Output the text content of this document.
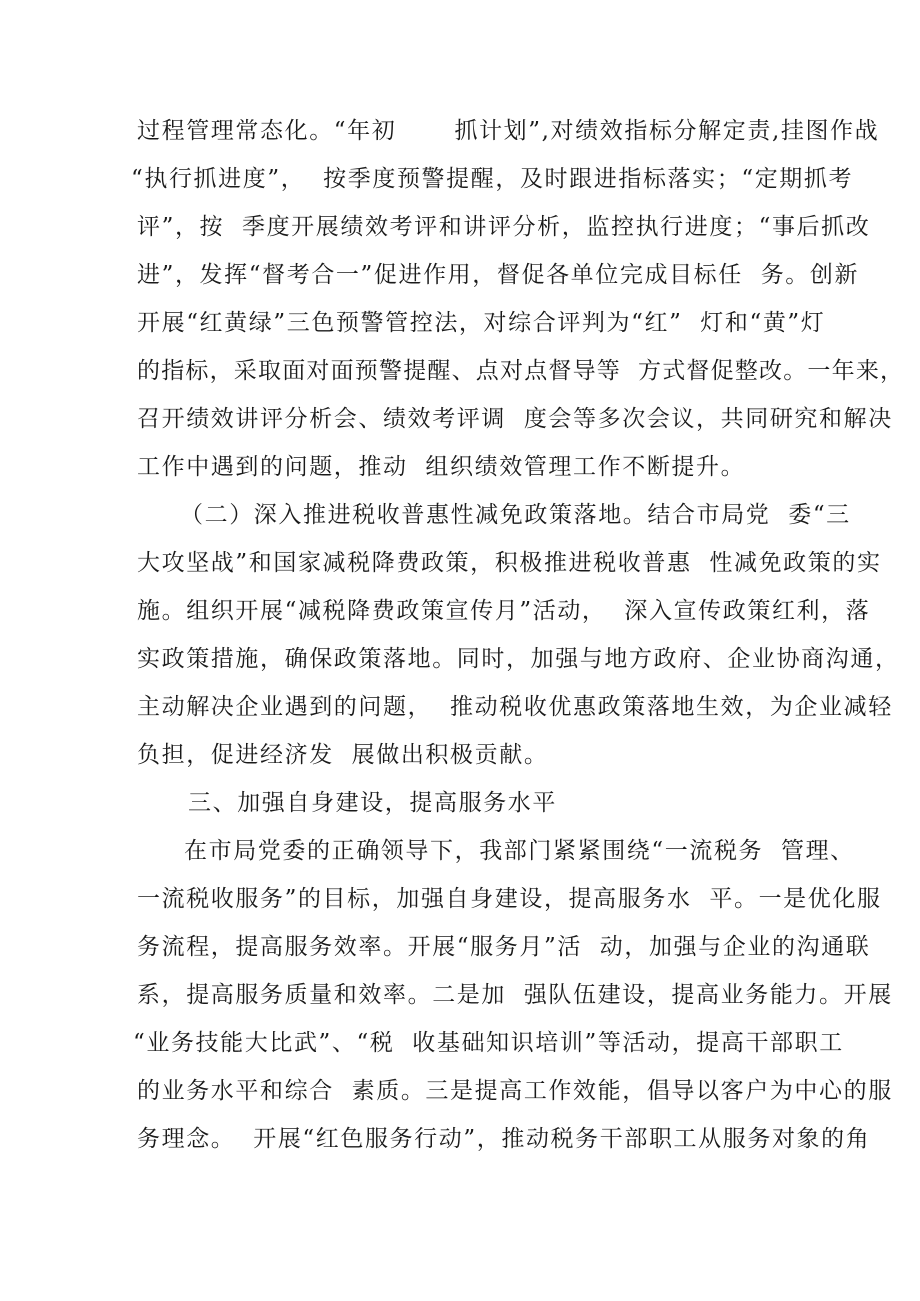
过程管理常态化。“年初　　 抓计划”,对绩效指标分解定责,挂图作战
“执行抓进度”，  按季度预警提醒，及时跟进指标落实；“定期抓考
评”，按  季度开展绩效考评和讲评分析，监控执行进度；“事后抓改
进”，发挥“督考合一”促进作用，督促各单位完成目标任  务。创新
开展“红黄绿”三色预警管控法，对综合评判为“红”  灯和“黄”灯
的指标，采取面对面预警提醒、点对点督导等  方式督促整改。一年来，
召开绩效讲评分析会、绩效考评调  度会等多次会议，共同研究和解决
工作中遇到的问题，推动  组织绩效管理工作不断提升。
（二）深入推进税收普惠性减免政策落地。结合市局党  委“三
大攻坚战”和国家减税降费政策，积极推进税收普惠  性减免政策的实
施。组织开展“减税降费政策宣传月”活动，  深入宣传政策红利，落
实政策措施，确保政策落地。同时，加强与地方政府、企业协商沟通，
主动解决企业遇到的问题，  推动税收优惠政策落地生效，为企业减轻
负担，促进经济发  展做出积极贡献。
三、加强自身建设，提高服务水平
在市局党委的正确领导下，我部门紧紧围绕“一流税务  管理、
一流税收服务”的目标，加强自身建设，提高服务水  平。一是优化服
务流程，提高服务效率。开展“服务月”活  动，加强与企业的沟通联
系，提高服务质量和效率。二是加  强队伍建设，提高业务能力。开展
“业务技能大比武”、“税  收基础知识培训”等活动，提高干部职工
的业务水平和综合  素质。三是提高工作效能，倡导以客户为中心的服
务理念。  开展“红色服务行动”，推动税务干部职工从服务对象的角
